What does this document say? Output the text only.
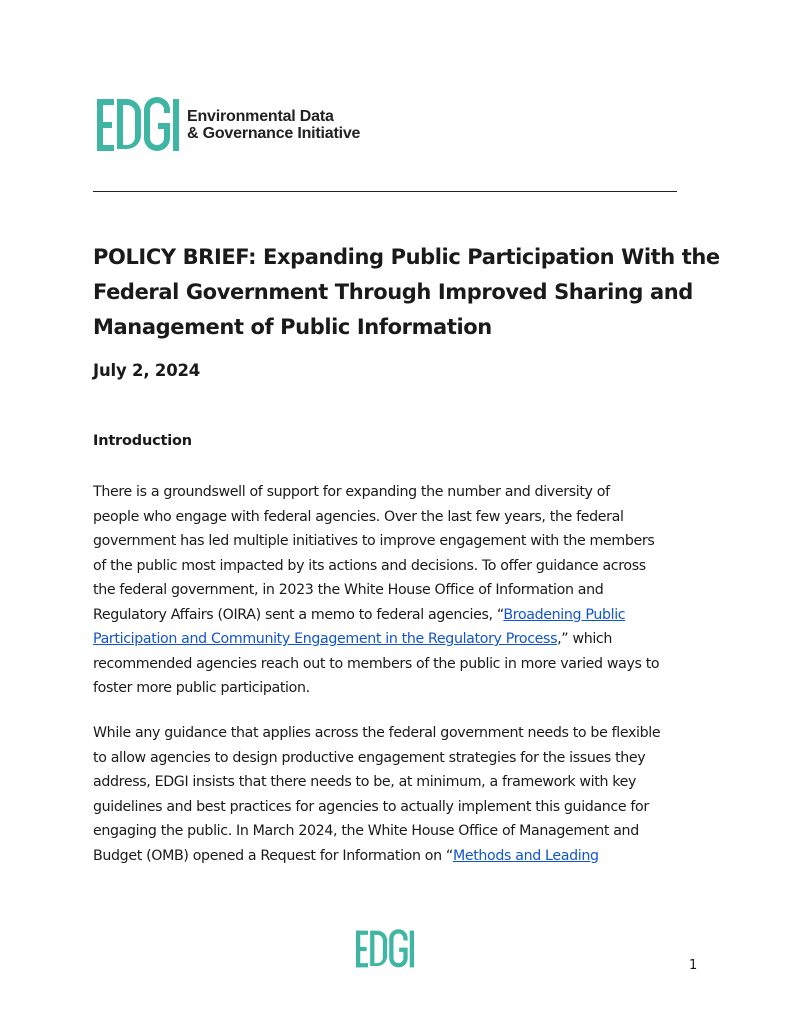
Environmental Data
& Governance Initiative
POLICY BRIEF: Expanding Public Participation With the
Federal Government Through Improved Sharing and
Management of Public Information
July 2, 2024
Introduction

There is a groundswell of support for expanding the number and diversity of
people who engage with federal agencies. Over the last few years, the federal
government has led multiple initiatives to improve engagement with the members
of the public most impacted by its actions and decisions. To offer guidance across
the federal government, in 2023 the White House Office of Information and
Regulatory Affairs (OIRA) sent a memo to federal agencies, “Broadening Public
Participation and Community Engagement in the Regulatory Process,” which
recommended agencies reach out to members of the public in more varied ways to
foster more public participation.

While any guidance that applies across the federal government needs to be flexible
to allow agencies to design productive engagement strategies for the issues they
address, EDGI insists that there needs to be, at minimum, a framework with key
guidelines and best practices for agencies to actually implement this guidance for
engaging the public. In March 2024, the White House Office of Management and
Budget (OMB) opened a Request for Information on “Methods and Leading

1
